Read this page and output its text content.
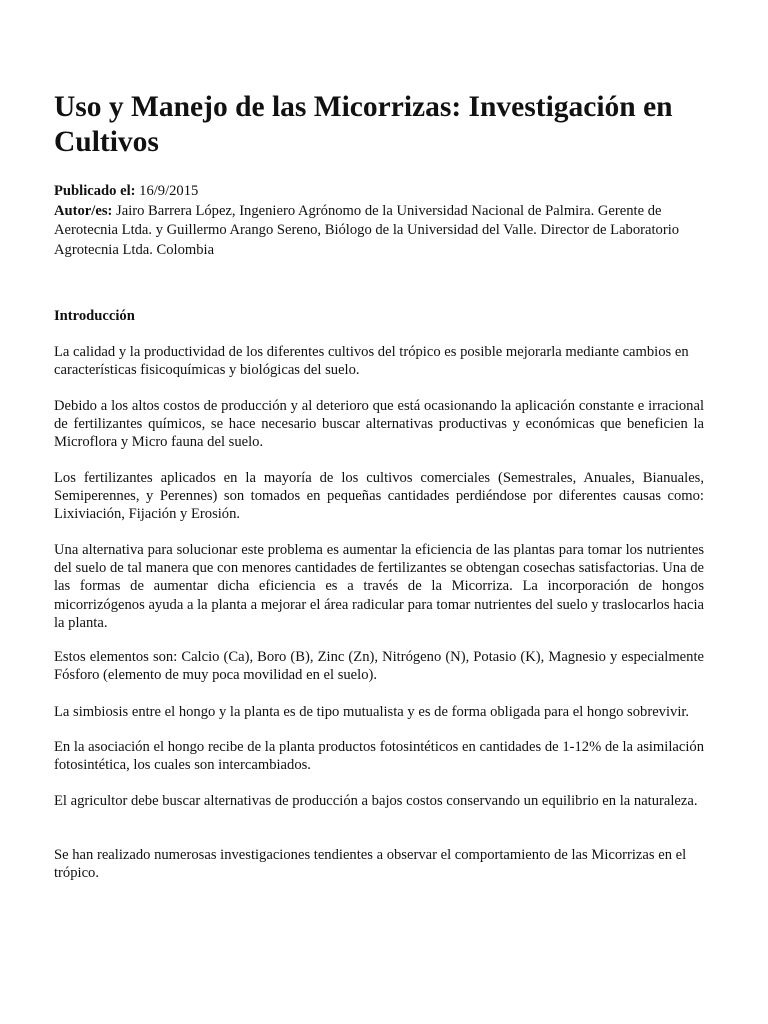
Uso y Manejo de las Micorrizas: Investigación en Cultivos
Publicado el: 16/9/2015
Autor/es: Jairo Barrera López, Ingeniero Agrónomo de la Universidad Nacional de Palmira. Gerente de Aerotecnia Ltda. y Guillermo Arango Sereno, Biólogo de la Universidad del Valle. Director de Laboratorio Agrotecnia Ltda. Colombia

Introducción

La calidad y la productividad de los diferentes cultivos del trópico es posible mejorarla mediante cambios en características fisicoquímicas y biológicas del suelo.

Debido a los altos costos de producción y al deterioro que está ocasionando la aplicación constante e irracional de fertilizantes químicos, se hace necesario buscar alternativas productivas y económicas que beneficien la Microflora y Micro fauna del suelo.

Los fertilizantes aplicados en la mayoría de los cultivos comerciales (Semestrales, Anuales, Bianuales, Semiperennes, y Perennes) son tomados en pequeñas cantidades perdiéndose por diferentes causas como: Lixiviación, Fijación y Erosión.

Una alternativa para solucionar este problema es aumentar la eficiencia de las plantas para tomar los nutrientes del suelo de tal manera que con menores cantidades de fertilizantes se obtengan cosechas satisfactorias. Una de las formas de aumentar dicha eficiencia es a través de la Micorriza. La incorporación de hongos micorrizógenos ayuda a la planta a mejorar el área radicular para tomar nutrientes del suelo y traslocarlos hacia la planta.

Estos elementos son: Calcio (Ca), Boro (B), Zinc (Zn), Nitrógeno (N), Potasio (K), Magnesio y especialmente Fósforo (elemento de muy poca movilidad en el suelo).

La simbiosis entre el hongo y la planta es de tipo mutualista y es de forma obligada para el hongo sobrevivir.

En la asociación el hongo recibe de la planta productos fotosintéticos en cantidades de 1-12% de la asimilación fotosintética, los cuales son intercambiados.

El agricultor debe buscar alternativas de producción a bajos costos conservando un equilibrio en la naturaleza.

Se han realizado numerosas investigaciones tendientes a observar el comportamiento de las Micorrizas en el trópico.
